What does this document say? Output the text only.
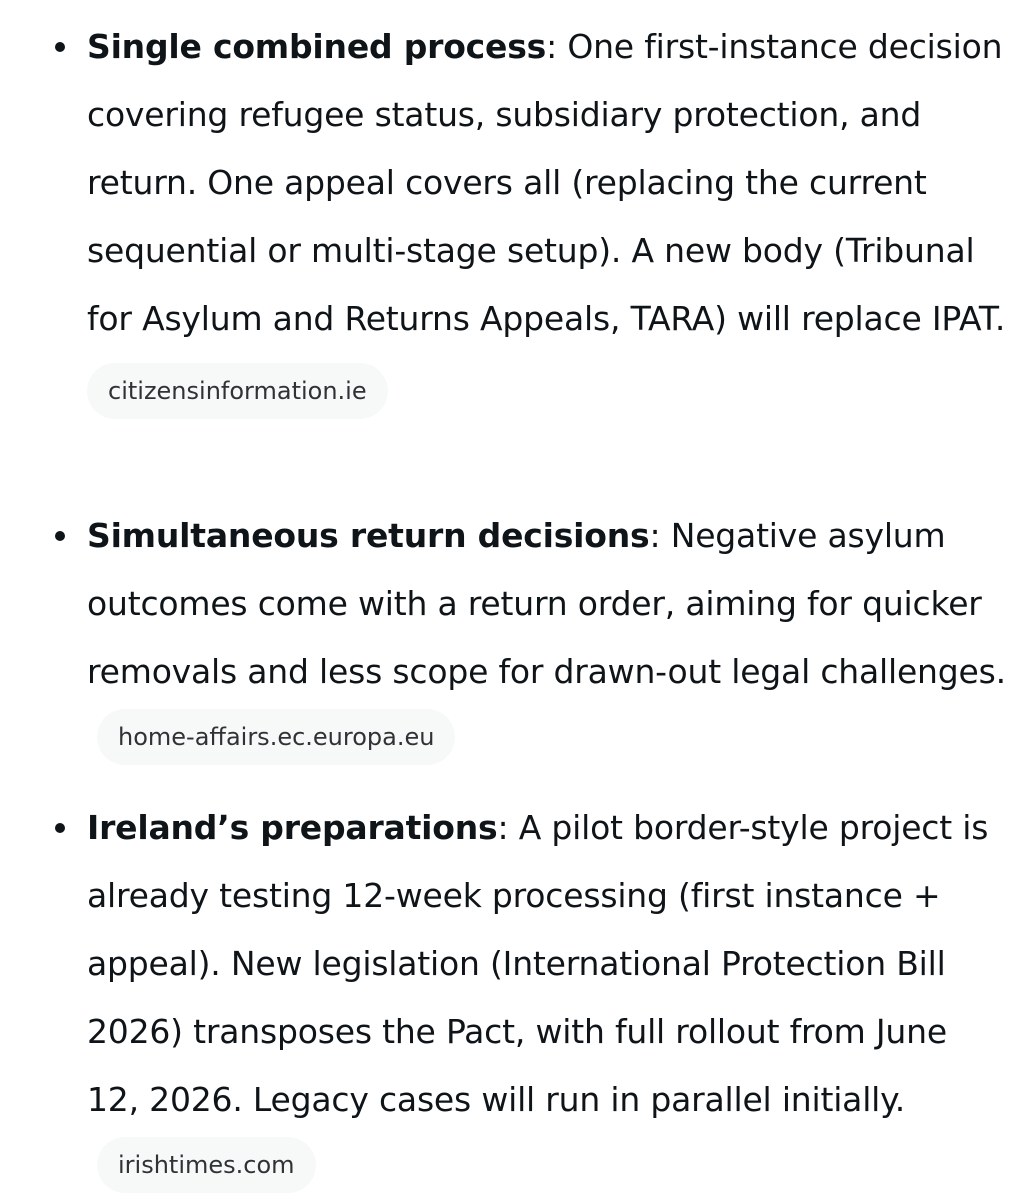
Single combined process: One first-instance decision covering refugee status, subsidiary protection, and return. One appeal covers all (replacing the current sequential or multi-stage setup). A new body (Tribunal for Asylum and Returns Appeals, TARA) will replace IPAT.
citizensinformation.ie
Simultaneous return decisions: Negative asylum outcomes come with a return order, aiming for quicker removals and less scope for drawn-out legal challenges.home-affairs.ec.europa.eu
Ireland’s preparations: A pilot border-style project is already testing 12-week processing (first instance + appeal). New legislation (International Protection Bill 2026) transposes the Pact, with full rollout from June 12, 2026. Legacy cases will run in parallel initially.irishtimes.com
